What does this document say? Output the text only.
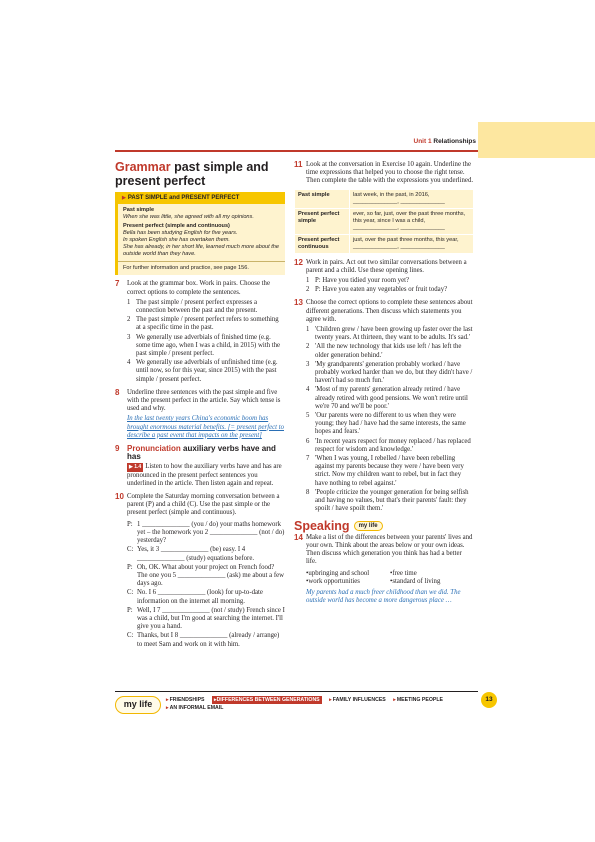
Unit 1 Relationships
Grammar past simple and present perfect
▶ PAST SIMPLE and PRESENT PERFECT
Past simple
When she was little, she agreed with all my opinions.
Present perfect (simple and continuous)
Bella has been studying English for five years.
In spoken English she has overtaken them.
She has already, in her short life, learned much more about the outside world than they have.
For further information and practice, see page 156.
7 Look at the grammar box. Work in pairs. Choose the correct options to complete the sentences.
1 The past simple / present perfect expresses a connection between the past and the present.
2 The past simple / present perfect refers to something at a specific time in the past.
3 We generally use adverbials of finished time (e.g. some time ago, when I was a child, in 2015) with the past simple / present perfect.
4 We generally use adverbials of unfinished time (e.g. until now, so for this year, since 2015) with the past simple / present perfect.
8 Underline three sentences with the past simple and five with the present perfect in the article. Say which tense is used and why.
In the last twenty years China's economic boom has brought enormous material benefits. [= present perfect to describe a past event that impacts on the present]
9 Pronunciation auxiliary verbs have and has
▶ 1.4 Listen to how the auxiliary verbs have and has are pronounced in the present perfect sentences you underlined in the article. Then listen again and repeat.
10 Complete the Saturday morning conversation between a parent (P) and a child (C). Use the past simple or the present perfect (simple and continuous).
P: 1 ______________ (you / do) your maths homework yet – the homework you 2 ______________ (not / do) yesterday?
C: Yes, it 3 ______________ (be) easy. I 4 ______________ (study) equations before.
P: Oh, OK. What about your project on French food? The one you 5 ______________ (ask) me about a few days ago.
C: No. I 6 ______________ (look) for up-to-date information on the internet all morning.
P: Well, I 7 ______________ (not / study) French since I was a child, but I'm good at searching the internet. I'll give you a hand.
C: Thanks, but I 8 ______________ (already / arrange) to meet Sam and work on it with him.
11 Look at the conversation in Exercise 10 again. Underline the time expressions that helped you to choose the right tense. Then complete the table with the expressions you underlined.
Past simple	last week, in the past, in 2016, ______________, ______________
Present perfect simple	ever, so far, just, over the past three months, this year, since I was a child, ______________, ______________
Present perfect continuous	just, over the past three months, this year, ______________, ______________
12 Work in pairs. Act out two similar conversations between a parent and a child. Use these opening lines.
1 P: Have you tidied your room yet?
2 P: Have you eaten any vegetables or fruit today?
13 Choose the correct options to complete these sentences about different generations. Then discuss which statements you agree with.
1 'Children grew / have been growing up faster over the last twenty years. At thirteen, they want to be adults. It's sad.'
2 'All the new technology that kids use left / has left the older generation behind.'
3 'My grandparents' generation probably worked / have probably worked harder than we do, but they didn't have / haven't had so much fun.'
4 'Most of my parents' generation already retired / have already retired with good pensions. We won't retire until we're 70 and we'll be poor.'
5 'Our parents were no different to us when they were young; they had / have had the same interests, the same hopes and fears.'
6 'In recent years respect for money replaced / has replaced respect for wisdom and knowledge.'
7 'When I was young, I rebelled / have been rebelling against my parents because they were / have been very strict. Now my children want to rebel, but in fact they have nothing to rebel against.'
8 'People criticize the younger generation for being selfish and having no values, but that's their parents' fault: they spoilt / have spoilt them.'
Speaking	my life
14 Make a list of the differences between your parents' lives and your own. Think about the areas below or your own ideas. Then discuss which generation you think has had a better life.
• upbringing and school	• free time
• work opportunities	• standard of living
My parents had a much freer childhood than we did. The outside world has become a more dangerous place …
my life	▸FRIENDSHIPS ▸DIFFERENCES BETWEEN GENERATIONS ▸FAMILY INFLUENCES ▸MEETING PEOPLE
▸AN INFORMAL EMAIL
13
